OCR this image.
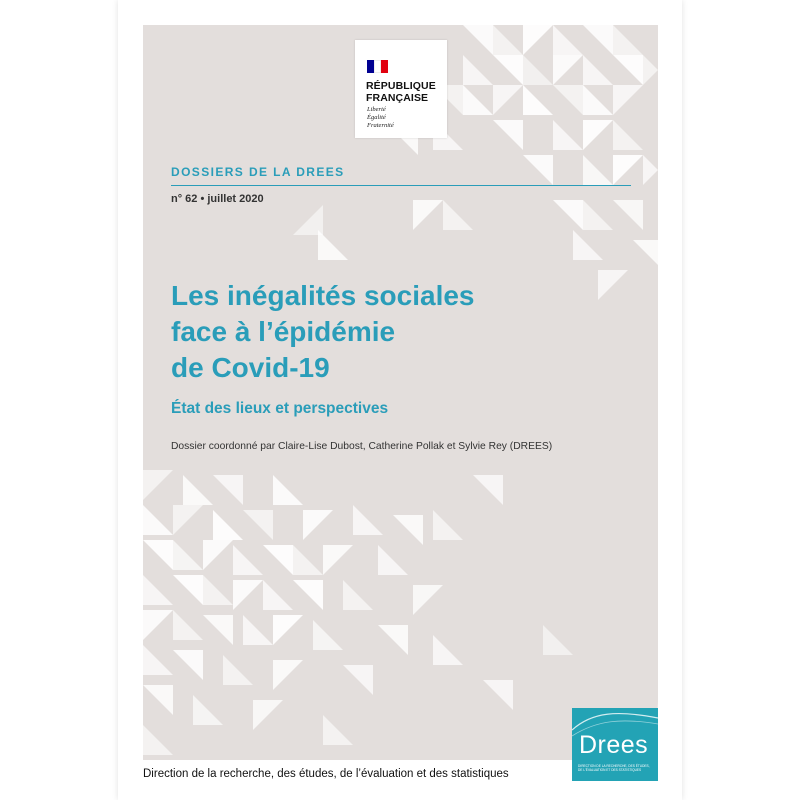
RÉPUBLIQUE
FRANÇAISE
Liberté
Égalité
Fraternité
DOSSIERS DE LA DREES
n° 62 • juillet 2020
Les inégalités sociales
face à l’épidémie
de Covid-19
État des lieux et perspectives
Dossier coordonné par Claire-Lise Dubost, Catherine Pollak et Sylvie Rey (DREES)
Drees
DIRECTION DE LA RECHERCHE, DES ÉTUDES, DE L'ÉVALUATION ET DES STATISTIQUES
Direction de la recherche, des études, de l’évaluation et des statistiques
